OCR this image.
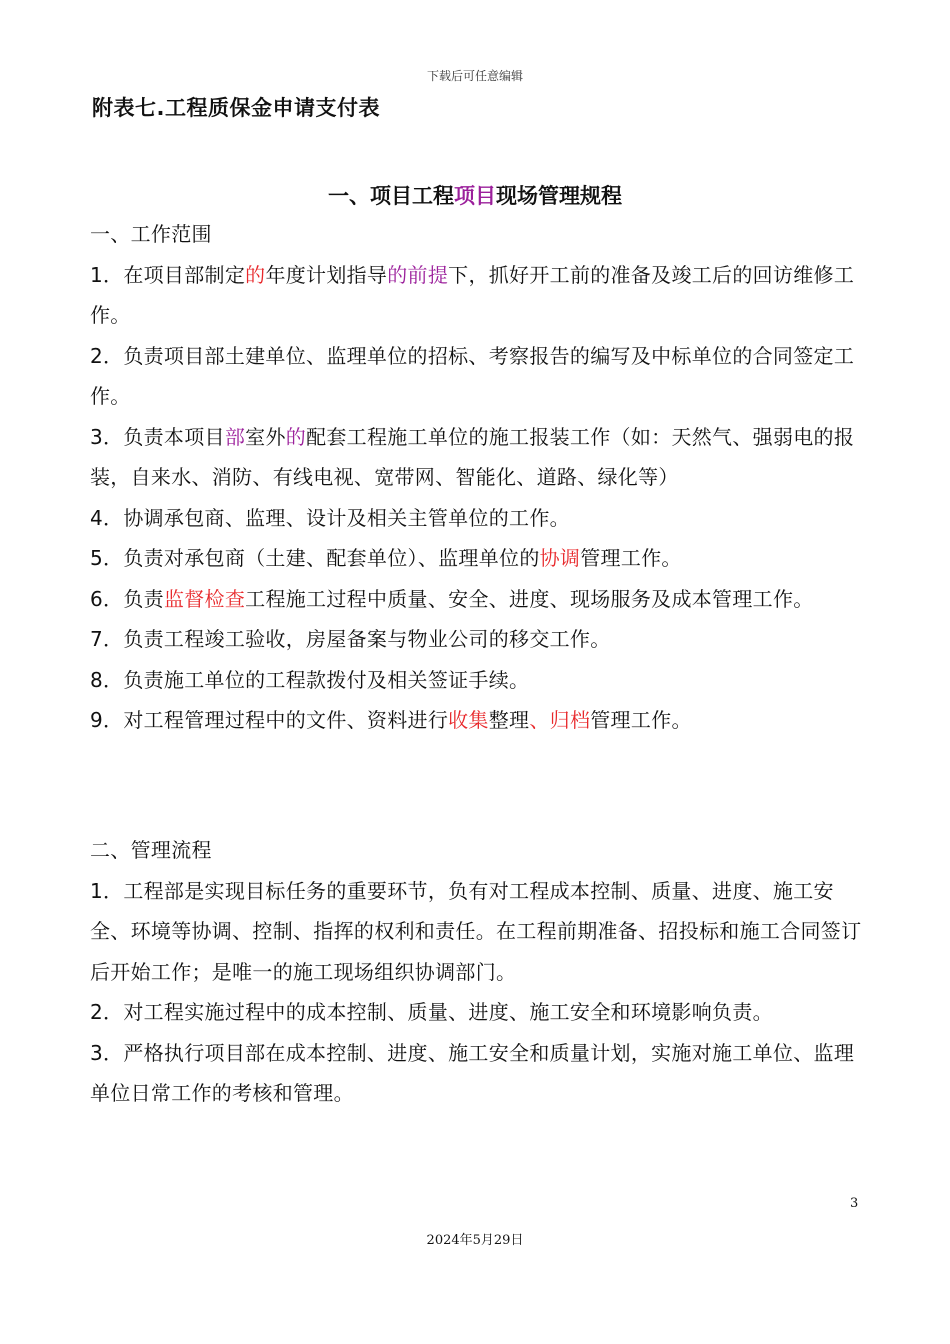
下载后可任意编辑
附表七.工程质保金申请支付表
一、项目工程项目现场管理规程

一、工作范围

1．在项目部制定的年度计划指导的前提下，抓好开工前的准备及竣工后的回访维修工作。

2．负责项目部土建单位、监理单位的招标、考察报告的编写及中标单位的合同签定工作。

3．负责本项目部室外的配套工程施工单位的施工报装工作（如：天然气、强弱电的报装，自来水、消防、有线电视、宽带网、智能化、道路、绿化等）

4．协调承包商、监理、设计及相关主管单位的工作。

5．负责对承包商（土建、配套单位）、监理单位的协调管理工作。

6．负责监督检查工程施工过程中质量、安全、进度、现场服务及成本管理工作。

7．负责工程竣工验收，房屋备案与物业公司的移交工作。

8．负责施工单位的工程款拨付及相关签证手续。

9．对工程管理过程中的文件、资料进行收集整理、归档管理工作。

二、管理流程

1．工程部是实现目标任务的重要环节，负有对工程成本控制、质量、进度、施工安全、环境等协调、控制、指挥的权利和责任。在工程前期准备、招投标和施工合同签订后开始工作；是唯一的施工现场组织协调部门。

2．对工程实施过程中的成本控制、质量、进度、施工安全和环境影响负责。

3．严格执行项目部在成本控制、进度、施工安全和质量计划，实施对施工单位、监理单位日常工作的考核和管理。

3
2024年5月29日
